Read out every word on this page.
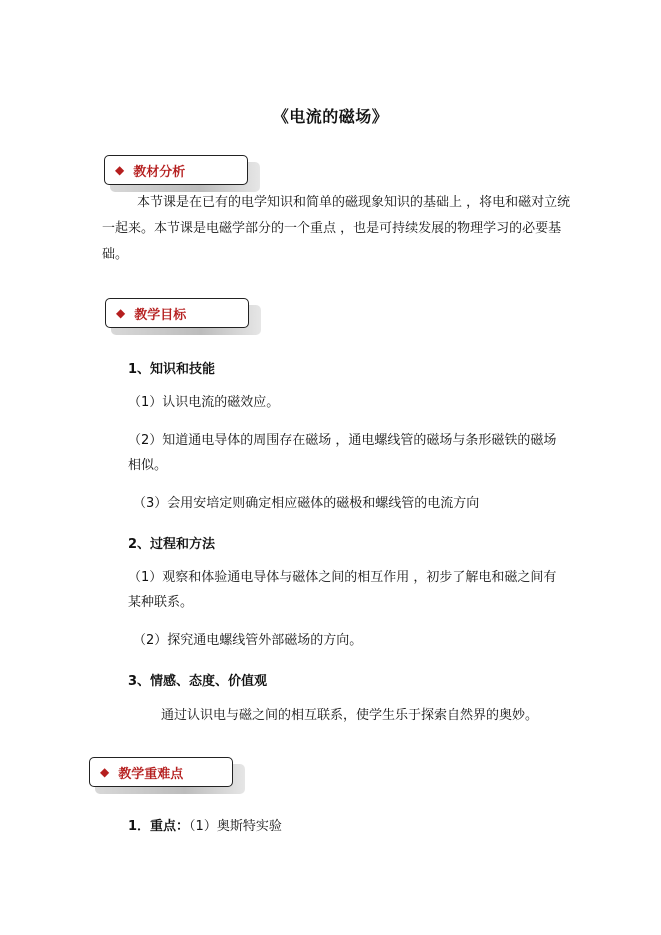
《电流的磁场》
◆ 教材分析
本节课是在已有的电学知识和简单的磁现象知识的基础上 ，将电和磁对立统
一起来。本节课是电磁学部分的一个重点 ，也是可持续发展的物理学习的必要基
础。
◆ 教学目标
1、知识和技能
（1）认识电流的磁效应。
（2）知道通电导体的周围存在磁场 ，通电螺线管的磁场与条形磁铁的磁场
相似。
（3）会用安培定则确定相应磁体的磁极和螺线管的电流方向
2、过程和方法
（1）观察和体验通电导体与磁体之间的相互作用 ，初步了解电和磁之间有
某种联系。
（2）探究通电螺线管外部磁场的方向。
3、情感、态度、价值观
通过认识电与磁之间的相互联系，使学生乐于探索自然界的奥妙。
◆ 教学重难点
1．重点：（1）奥斯特实验
